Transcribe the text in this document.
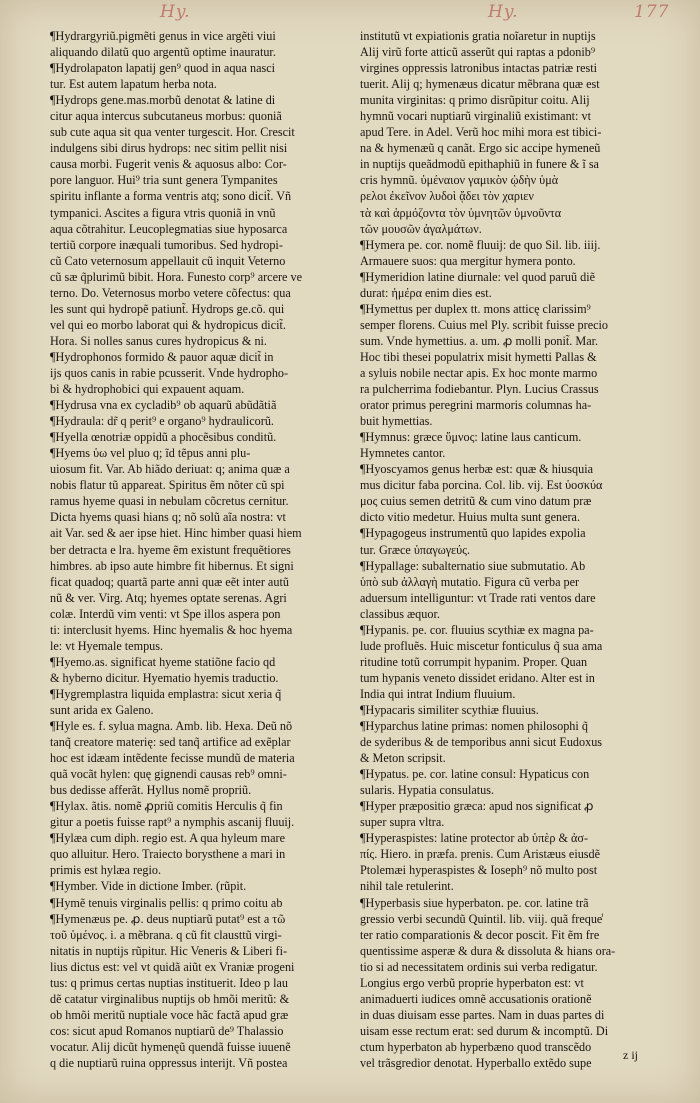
Hy.	Hy.	177
¶Hydrargyriũ.pigmẽti genus in vice argẽti viui
aliquando dilatũ quo argentũ optime inauratur.
¶Hydrolapaton lapatij gen⁹ quod in aqua nasci
tur. Est autem lapatum herba nota.
¶Hydrops gene.mas.morbũ denotat & latine di
citur aqua intercus subcutaneus morbus: quoniã
sub cute aqua sit qua venter turgescit. Hor. Crescit
indulgens sibi dirus hydrops: nec sitim pellit nisi
causa morbi. Fugerit venis & aquosus albo: Cor-
pore languor. Hui⁹ tria sunt genera Tympanites
spiritu inflante a forma ventris atq; sono dicit̃. Vñ
tympanici. Ascites a figura vtris quoniã in vnũ
aqua cõtrahitur. Leucoplegmatias siue hyposarca
tertiũ corpore inæquali tumoribus. Sed hydropi-
cũ Cato veternosum appellauit cũ inquit Veterno
cũ sæ q̃plurimũ bibit. Hora. Funesto corp⁹ arcere ve
terno. Do. Veternosus morbo vetere cõfectus: qua
les sunt qui hydropẽ patiunt̃. Hydrops ge.cõ. qui
vel qui eo morbo laborat qui & hydropicus dicit̃.
Hora. Si nolles sanus cures hydropicus & ni.
¶Hydrophonos formido & pauor aquæ dicit̃ in
ijs quos canis in rabie pcusserit. Vnde hydropho-
bi & hydrophobici qui expauent aquam.
¶Hydrusa vna ex cycladib⁹ ob aquarũ abũdãtiã
¶Hydraula: dr̃ q perit⁹ e organo⁹ hydraulicorũ.
¶Hyella œnotriæ oppidũ a phocẽsibus conditũ.
¶Hyems ὑω vel pluo q; ĩd tẽpus anni plu-
uiosum fit. Var. Ab hiãdo deriuat: q; anima quæ a
nobis flatur tũ appareat. Spiritus ẽm nõter cũ spi
ramus hyeme quasi in nebulam cõcretus cernitur.
Dicta hyems quasi hians q; nõ solũ aĩa nostra: vt
ait Var. sed & aer ipse hiet. Hinc himber quasi hiem
ber detracta e lra. hyeme ẽm existunt frequẽtiores
himbres. ab ipso aute himbre fit hibernus. Et signi
ficat quadoq; quartã parte anni quæ eẽt inter autũ
nũ & ver. Virg. Atq; hyemes optate serenas. Agri
colæ. Interdũ vim venti: vt Spe illos aspera pon
ti: interclusit hyems. Hinc hyemalis & hoc hyema
le: vt Hyemale tempus.
¶Hyemo.as. significat hyeme statiõne facio qd
& hyberno dicitur. Hyematio hyemis traductio.
¶Hygremplastra liquida emplastra: sicut xeria q̃
sunt arida ex Galeno.
¶Hyle es. f. sylua magna. Amb. lib. Hexa. Deũ nõ
tanq̃ creatore materię: sed tanq̃ artifice ad exẽplar
hoc est idæam intẽdente fecisse mundũ de materia
quã vocãt hylen: quę gignendi causas reb⁹ omni-
bus dedisse afferãt. Hyllus nomẽ propriũ.
¶Hylax. ãtis. nomẽ ꝓpriũ comitis Herculis q̃ fin
gitur a poetis fuisse rapt⁹ a nymphis ascanij fluuij.
¶Hylæa cum diph. regio est. A qua hyleum mare
quo alluitur. Hero. Traiecto borysthene a mari in
primis est hylæa regio.
¶Hymber. Vide in dictione Imber. (rũpit.
¶Hymẽ tenuis virginalis pellis: q primo coitu ab
¶Hymenæus pe. ꝓ. deus nuptiarũ putat⁹ est a τῶ
τοῦ ὑμένος. i. a mẽbrana. q cũ fit clausttũ virgi-
nitatis in nuptijs rũpitur. Hic Veneris & Liberi fi-
lius dictus est: vel vt quidã aiũt ex Vraniæ progeni
tus: q primus certas nuptias instituerit. Ideo p lau
dẽ catatur virginalibus nuptijs ob hmõi meritũ: &
ob hmõi meritũ nuptiale voce hãc factã apud græ
cos: sicut apud Romanos nuptiarũ de⁹ Thalassio
vocatur. Alij dicũt hymenęũ quendã fuisse iuuenẽ
q die nuptiarũ ruina oppressus interijt. Vñ postea
institutũ vt expiationis gratia noĩaretur in nuptijs
Alij virũ forte atticũ asserũt qui raptas a pdonib⁹
virgines oppressis latronibus intactas patriæ resti
tuerit. Alij q; hymenæus dicatur mẽbrana quæ est
munita virginitas: q primo disrũpitur coitu. Alij
hymnũ vocari nuptiarũ virginaliũ existimant: vt
apud Tere. in Adel. Verũ hoc mihi mora est tibici-
na & hymenæũ q canãt. Ergo sic accipe hymeneũ
in nuptijs queãdmodũ epithaphiũ in funere & ĩ sa
cris hymnũ. ὑμέναιον γαμικὸν ᾠδὴν ὑμὰ
ρελοι ἐκεῖνον λυδοὶ ᾄδει τὸν χαριεν
τὰ καὶ ἁρμόζοντα τὸν ὑμνητῶν ὑμνοῦντα
τῶν μουσῶν ἀγαλμάτων.
¶Hymera pe. cor. nomẽ fluuij: de quo Sil. lib. iiij.
Armauere suos: qua mergitur hymera ponto.
¶Hymeridion latine diurnale: vel quod paruũ diẽ
durat: ἡμέρα enim dies est.
¶Hymettus per duplex tt. mons atticę clarissim⁹
semper florens. Cuius mel Ply. scribit fuisse precio
sum. Vnde hymettius. a. um. ꝓ molli ponit̃. Mar.
Hoc tibi thesei populatrix misit hymetti Pallas &
a syluis nobile nectar apis. Ex hoc monte marmo
ra pulcherrima fodiebantur. Plyn. Lucius Crassus
orator primus peregrini marmoris columnas ha-
buit hymettias.
¶Hymnus: græce ὕμνος: latine laus canticum.
Hymnetes cantor.
¶Hyoscyamos genus herbæ est: quæ & hiusquia
mus dicitur faba porcina. Col. lib. vij. Est ὑοσκύα
μος cuius semen detritũ & cum vino datum præ
dicto vitio medetur. Huius multa sunt genera.
¶Hypagogeus instrumentũ quo lapides expolia
tur. Græce ὑπαγωγεύς.
¶Hypallage: subalternatio siue submutatio. Ab
ὑπὸ sub ἀλλαγὴ mutatio. Figura cũ verba per
aduersum intelliguntur: vt Trade rati ventos dare
classibus æquor.
¶Hypanis. pe. cor. fluuius scythiæ ex magna pa-
lude profluẽs. Huic miscetur fonticulus q̃ sua ama
ritudine totũ corrumpit hypanim. Proper. Quan
tum hypanis veneto dissidet eridano. Alter est in
India qui intrat Indium fluuium.
¶Hypacaris similiter scythiæ fluuius.
¶Hyparchus latine primas: nomen philosophi q̃
de syderibus & de temporibus anni sicut Eudoxus
& Meton scripsit.
¶Hypatus. pe. cor. latine consul: Hypaticus con
sularis. Hypatia consulatus.
¶Hyper præpositio græca: apud nos significat ꝓ
super supra vltra.
¶Hyperaspistes: latine protector ab ὑπὲρ & ἀσ-
πίς. Hiero. in præfa. prenis. Cum Aristæus eiusdẽ
Ptolemæi hyperaspistes & Ioseph⁹ nõ multo post
nihil tale retulerint.
¶Hyperbasis siue hyperbaton. pe. cor. latine trã
gressio verbi secundũ Quintil. lib. viij. quã freque̾
ter ratio comparationis & decor poscit. Fit ẽm fre
quentissime asperæ & dura & dissoluta & hians ora-
tio si ad necessitatem ordinis sui verba redigatur.
Longius ergo verbũ proprie hyperbaton est: vt
animaduerti iudices omnẽ accusationis orationẽ
in duas diuisam esse partes. Nam in duas partes di
uisam esse rectum erat: sed durum & incomptũ. Di
ctum hyperbaton ab hyperbæno quod transcẽdo
vel trãsgredior denotat. Hyperballo extẽdo supe
z ij
